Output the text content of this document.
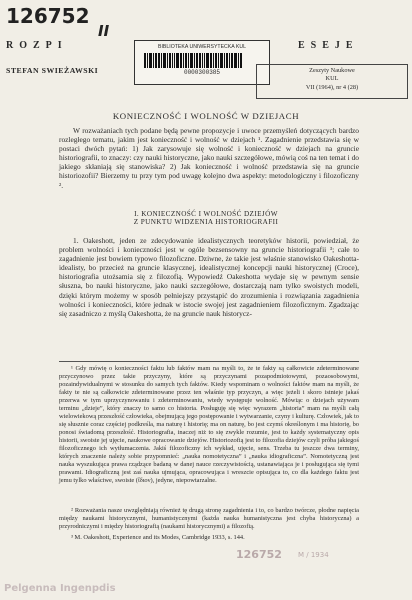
126752
II
ROZPI	ESEJE
STEFAN SWIEŻAWSKI
BIBLIOTEKA UNIWERSYTECKA KUL
0000300385	Zeszyty Naukowe
KUL
VII (1964), nr 4 (28)
KONIECZNOŚĆ I WOLNOŚĆ W DZIEJACH
W rozważaniach tych podane będą pewne propozycje i uwoce przemyśleń dotyczących bardzo rozległego tematu, jakim jest konieczność i wolność w dziejach ¹. Zagadnienie przedstawia się w postaci dwóch pytań: 1) Jak zarysowuje się wolność i konieczność w dziejach na gruncie historiografii, to znaczy: czy nauki historyczne, jako nauki szczegółowe, mówią coś na ten temat i do jakiego skłaniają się stanowiska? 2) Jak konieczność i wolność przedstawia się na gruncie historiozofii? Bierzemy tu przy tym pod uwagę kolejno dwa aspekty: metodologiczny i filozoficzny ².
I. KONIECZNOŚĆ I WOLNOŚĆ DZIEJÓW
Z PUNKTU WIDZENIA HISTORIOGRAFII
1. Oakeshott, jeden ze zdecydowanie idealistycznych teoretyków historii, powiedział, że problem wolności i konieczności jest w ogóle bezsensowny na gruncie historiografii ³; całe to zagadnienie jest bowiem typowo filozoficzne. Dziwne, że takie jest właśnie stanowisko Oakeshotta-idealisty, bo przecież na gruncie klasycznej, idealistycznej koncepcji nauki historycznej (Croce), historiografia utożsamia się z filozofią. Wypowiedź Oakeshotta wydaje się w pewnym sensie słuszna, bo nauki historyczne, jako nauki szczegółowe, dostarczają nam tylko swoistych modeli, dzięki którym możemy w sposób pełniejszy przystąpić do zrozumienia i rozwiązania zagadnienia wolności i konieczności, które jednak w istocie swojej jest zagadnieniem filozoficznym. Zgadzając się zasadniczo z myślą Oakeshotta, że na gruncie nauk historycz-
¹ Gdy mówię o konieczności faktu lub faktów mam na myśli to, że te fakty są całkowicie zdeterminowane przyczynowo przez takie przyczyny, które są przyczynami pozapodmiotowymi, pozaosobowymi, pozaindywidualnymi w stosunku do samych tych faktów. Kiedy wspominam o wolności faktów mam na myśli, że fakty te nie są całkowicie zdeterminowane przez ten właśnie typ przyczyn, a więc jeżeli i skoro istnieje jakaś przerwa w tym uprzyczynowaniu i zdeterminowaniu, wtedy występuje wolność. Mówiąc o dziejach używam terminu „dzieje”, który znaczy to samo co historia. Posługuję się więc wyrazem „historia” mam na myśli całą wielowiekową przeszłość człowieka, obejmującą jego postępowanie i wytwarzanie, czyny i kulturę. Człowiek, jak to się słusznie coraz częściej podkreśla, ma naturę i historię; ma on naturę, bo jest czymś określonym i ma historię, bo ponosi świadomą przeszłość. Historiografia, inaczej niż to się zwykle rozumie, jest to każdy systematyczny opis historii, swoiste jej ujęcie, naukowe opracowanie dziejów. Historiozofią jest to filozofia dziejów czyli próba jakiegoś filozoficznego ich wytłumaczenia. Jakiś filozoficzny ich wykład, ujęcie, sens. Trzeba tu jeszcze dwa terminy, których znaczenie należy sobie przypomnieć: „nauka nomotetyczna” i „nauka idiograficzna”. Nomotetyczną jest nauka wyszukująca prawa rządzące badaną w danej nauce rzeczywistością, ustanawiająca je i posługująca się tymi prawami. Idiograficzną jest zaś nauka ujmująca, opracowująca i wreszcie opisująca to, co dla każdego faktu jest jemu tylko właściwe, swoiste (ἴδιον), jedyne, niepowtarzalne.
² Rozważania nasze uwzględniają również tę drugą stronę zagadnienia i to, co bardzo twórcze, płodne napięcia między naukami historycznymi, humanistycznymi (każda nauka humanistyczna jest chyba historyczna) a przyrodniczymi i między historiografią (naukami historycznymi) a filozofią.
³ M. Oakeshott, Experience and its Modes, Cambridge 1933, s. 144.
126752 M / 1934
Pelgenna Ingenpdis
